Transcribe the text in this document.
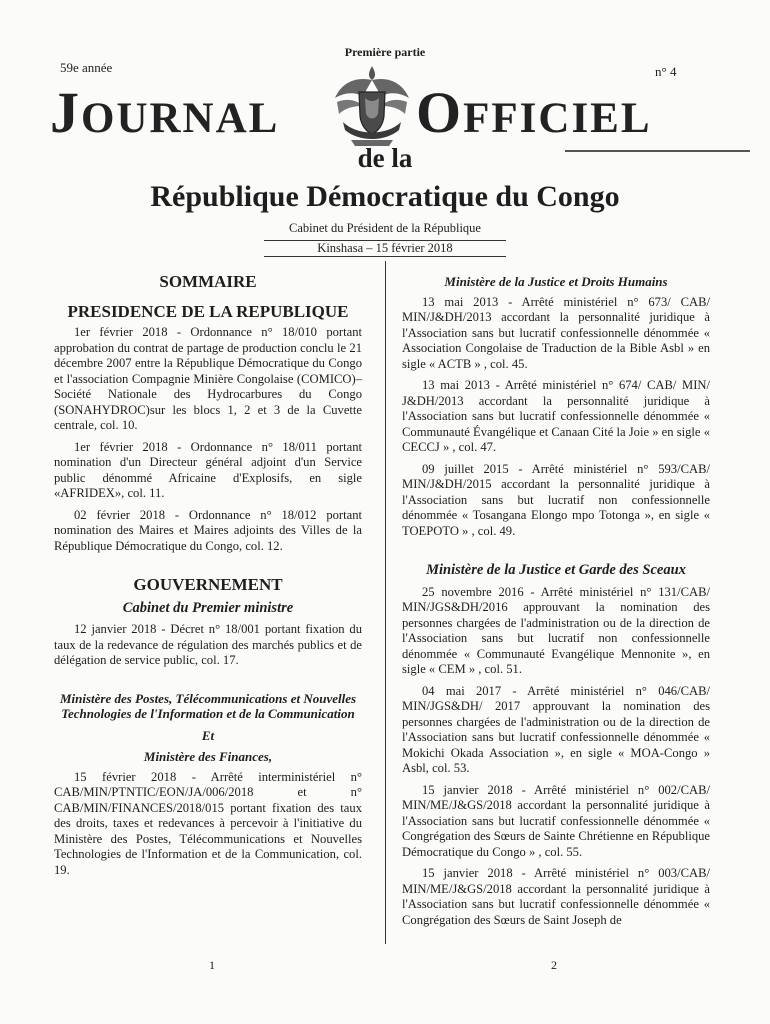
Première partie
59e année	n° 4
JOURNAL OFFICIEL
de la
République Démocratique du Congo
Cabinet du Président de la République
Kinshasa – 15 février 2018
SOMMAIRE
PRESIDENCE DE LA REPUBLIQUE

1er février 2018 - Ordonnance n° 18/010 portant approbation du contrat de partage de production conclu le 21 décembre 2007 entre la République Démocratique du Congo et l'association Compagnie Minière Congolaise (COMICO)–Société Nationale des Hydrocarbures du Congo (SONAHYDROC)sur les blocs 1, 2 et 3 de la Cuvette centrale, col. 10.

1er février 2018 - Ordonnance n° 18/011 portant nomination d'un Directeur général adjoint d'un Service public dénommé Africaine d'Explosifs, en sigle «AFRIDEX», col. 11.

02 février 2018 - Ordonnance n° 18/012 portant nomination des Maires et Maires adjoints des Villes de la République Démocratique du Congo, col. 12.

GOUVERNEMENT
Cabinet du Premier ministre

12 janvier 2018 - Décret n° 18/001 portant fixation du taux de la redevance de régulation des marchés publics et de délégation de service public, col. 17.

Ministère des Postes, Télécommunications et Nouvelles Technologies de l'Information et de la Communication
Et
Ministère des Finances,

15 février 2018 - Arrêté interministériel n° CAB/MIN/PTNTIC/EON/JA/006/2018 et n° CAB/MIN/FINANCES/2018/015 portant fixation des taux des droits, taxes et redevances à percevoir à l'initiative du Ministère des Postes, Télécommunications et Nouvelles Technologies de l'Information et de la Communication, col. 19.

Ministère de la Justice et Droits Humains

13 mai 2013 - Arrêté ministériel n° 673/ CAB/ MIN/J&DH/2013 accordant la personnalité juridique à l'Association sans but lucratif confessionnelle dénommée « Association Congolaise de Traduction de la Bible Asbl » en sigle « ACTB » , col. 45.

13 mai 2013 - Arrêté ministériel n° 674/ CAB/ MIN/ J&DH/2013 accordant la personnalité juridique à l'Association sans but lucratif confessionnelle dénommée « Communauté Évangélique et Canaan Cité la Joie » en sigle « CECCJ » , col. 47.

09 juillet 2015 - Arrêté ministériel n° 593/CAB/ MIN/J&DH/2015 accordant la personnalité juridique à l'Association sans but lucratif non confessionnelle dénommée « Tosangana Elongo mpo Totonga », en sigle « TOEPOTO » , col. 49.

Ministère de la Justice et Garde des Sceaux

25 novembre 2016 - Arrêté ministériel n° 131/CAB/ MIN/JGS&DH/2016 approuvant la nomination des personnes chargées de l'administration ou de la direction de l'Association sans but lucratif non confessionnelle dénommée « Communauté Evangélique Mennonite », en sigle « CEM » , col. 51.

04 mai 2017 - Arrêté ministériel n° 046/CAB/ MIN/JGS&DH/ 2017 approuvant la nomination des personnes chargées de l'administration ou de la direction de l'Association sans but lucratif confessionnelle dénommée « Mokichi Okada Association », en sigle « MOA-Congo » Asbl, col. 53.

15 janvier 2018 - Arrêté ministériel n° 002/CAB/ MIN/ME/J&GS/2018 accordant la personnalité juridique à l'Association sans but lucratif confessionnelle dénommée « Congrégation des Sœurs de Sainte Chrétienne en République Démocratique du Congo » , col. 55.

15 janvier 2018 - Arrêté ministériel n° 003/CAB/ MIN/ME/J&GS/2018 accordant la personnalité juridique à l'Association sans but lucratif confessionnelle dénommée « Congrégation des Sœurs de Saint Joseph de

1	2
